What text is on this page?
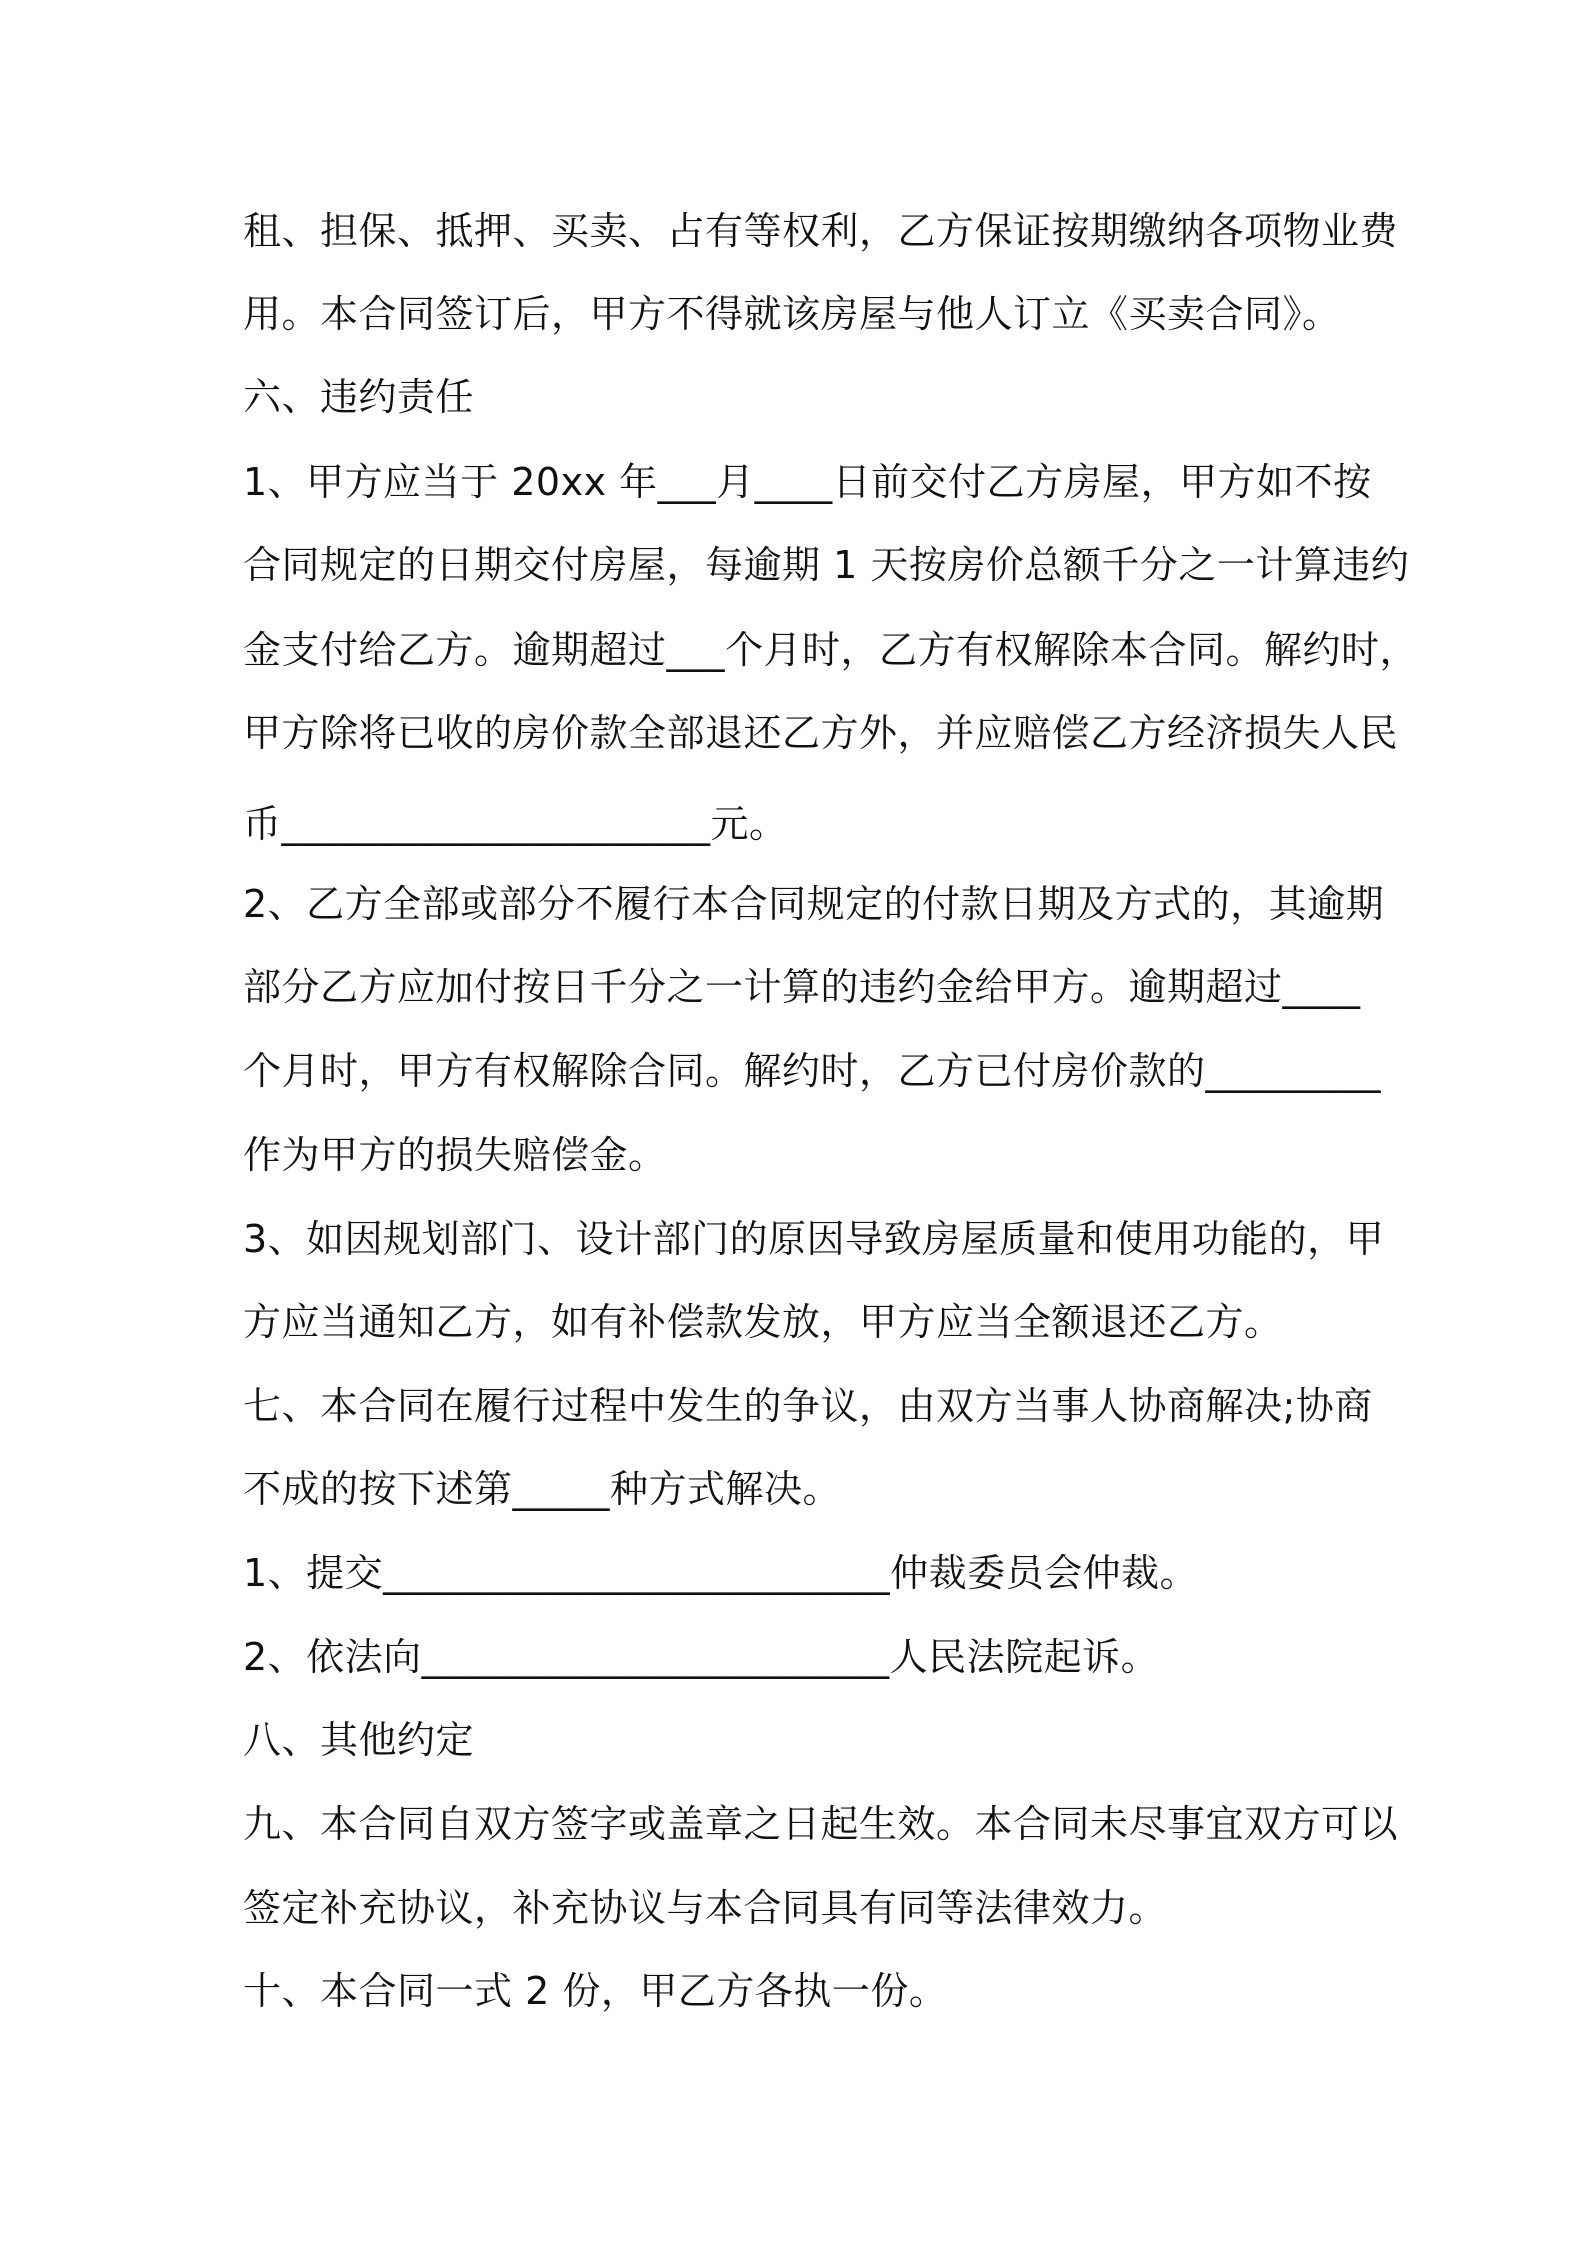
租、担保、抵押、买卖、占有等权利，乙方保证按期缴纳各项物业费
用。本合同签订后，甲方不得就该房屋与他人订立《买卖合同》。
六、违约责任
1、甲方应当于 20xx 年___月____日前交付乙方房屋，甲方如不按
合同规定的日期交付房屋，每逾期 1 天按房价总额千分之一计算违约
金支付给乙方。逾期超过___个月时，乙方有权解除本合同。解约时，
甲方除将已收的房价款全部退还乙方外，并应赔偿乙方经济损失人民
币______________________元。
2、乙方全部或部分不履行本合同规定的付款日期及方式的，其逾期
部分乙方应加付按日千分之一计算的违约金给甲方。逾期超过____
个月时，甲方有权解除合同。解约时，乙方已付房价款的_________
作为甲方的损失赔偿金。
3、如因规划部门、设计部门的原因导致房屋质量和使用功能的，甲
方应当通知乙方，如有补偿款发放，甲方应当全额退还乙方。
七、本合同在履行过程中发生的争议，由双方当事人协商解决;协商
不成的按下述第_____种方式解决。
1、提交__________________________仲裁委员会仲裁。
2、依法向________________________人民法院起诉。
八、其他约定
九、本合同自双方签字或盖章之日起生效。本合同未尽事宜双方可以
签定补充协议，补充协议与本合同具有同等法律效力。
十、本合同一式 2 份，甲乙方各执一份。
